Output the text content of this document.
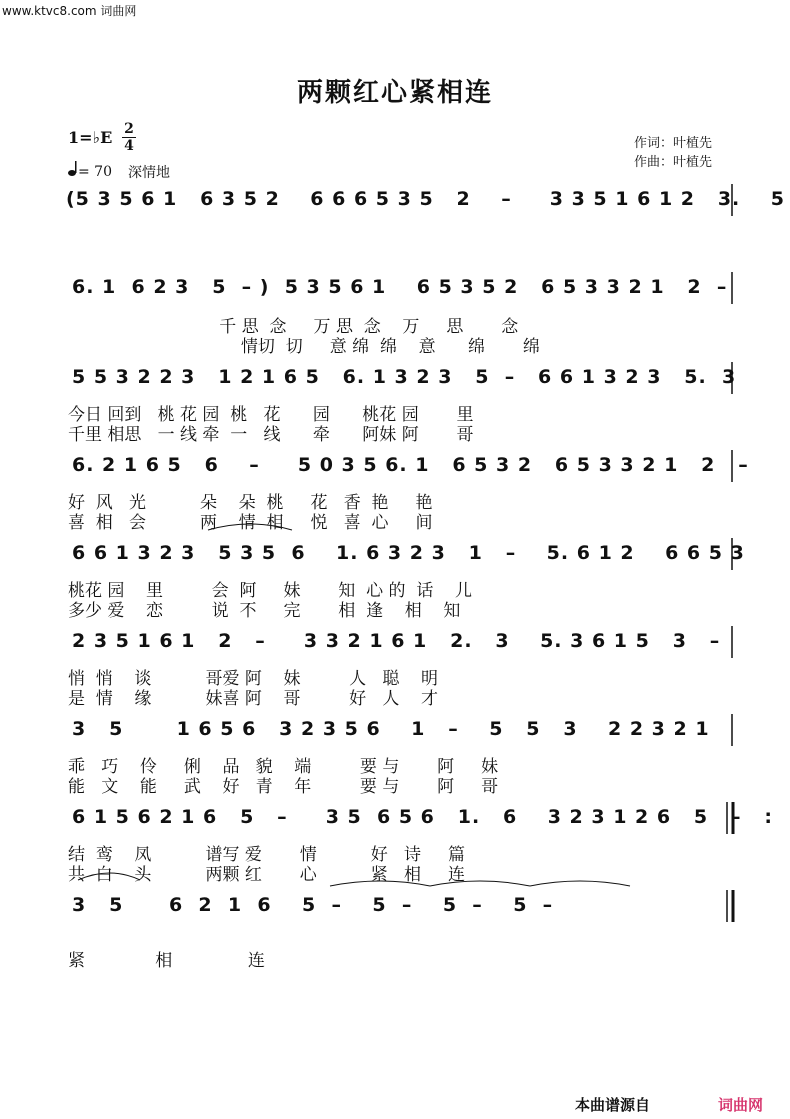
www.ktvc8.com 词曲网
两颗红心紧相连
1=♭E 2
4
= 70 深情地
作词：叶植先
作曲：叶植先
(5 3 5 6 1   6 3 5 2    6 6 6 5 3 5   2    –     3 3 5 1 6 1 2   3.    5
6. 1  6 2 3   5  – )  5 3 5 6 1    6 5 3 5 2   6 5 3 3 2 1   2  –
千 思  念     万 思  念    万     思       念
情切  切     意 绵  绵    意      绵       绵
5 5 3 2 2 3   1 2 1 6 5   6. 1 3 2 3   5  –   6 6 1 3 2 3   5.  3
今日 回到   桃 花 园  桃   花      园      桃花 园       里
千里 相思   一 线 牵  一   线      牵      阿妹 阿       哥
6. 2 1 6 5   6    –     5 0 3 5 6. 1   6 5 3 2   6 5 3 3 2 1   2   –
好  风   光          朵    朵  桃     花   香  艳     艳
喜  相   会          两    情  相     悦   喜  心     间
6 6 1 3 2 3   5 3 5  6    1. 6 3 2 3   1   –    5. 6 1 2    6 6 5 3
桃花 园    里         会  阿     妹       知  心 的  话    儿
多少 爱    恋         说  不     完       相  逢    相    知
2 3 5 1 6 1   2   –     3 3 2 1 6 1   2.   3    5. 3 6 1 5   3   –
悄  悄    谈          哥爱 阿    妹         人   聪    明
是  情    缘          妹喜 阿    哥         好   人    才
3   5       1 6 5 6   3 2 3 5 6    1   –    5   5   3    2 2 3 2 1
乖   巧    伶     俐    品   貌    端         要 与       阿     妹
能   文    能     武    好   青    年         要 与       阿     哥
6 1 5 6 2 1 6   5   –     3 5  6 5 6   1.   6    3 2 3 1 2 6   5   –   :
结  鸾    凤          谱写 爱       情          好   诗     篇
共  白    头          两颗 红       心          紧   相     连
3   5      6  2  1  6    5  –    5  –    5  –    5  –
紧             相              连
本曲谱源自	词曲网
